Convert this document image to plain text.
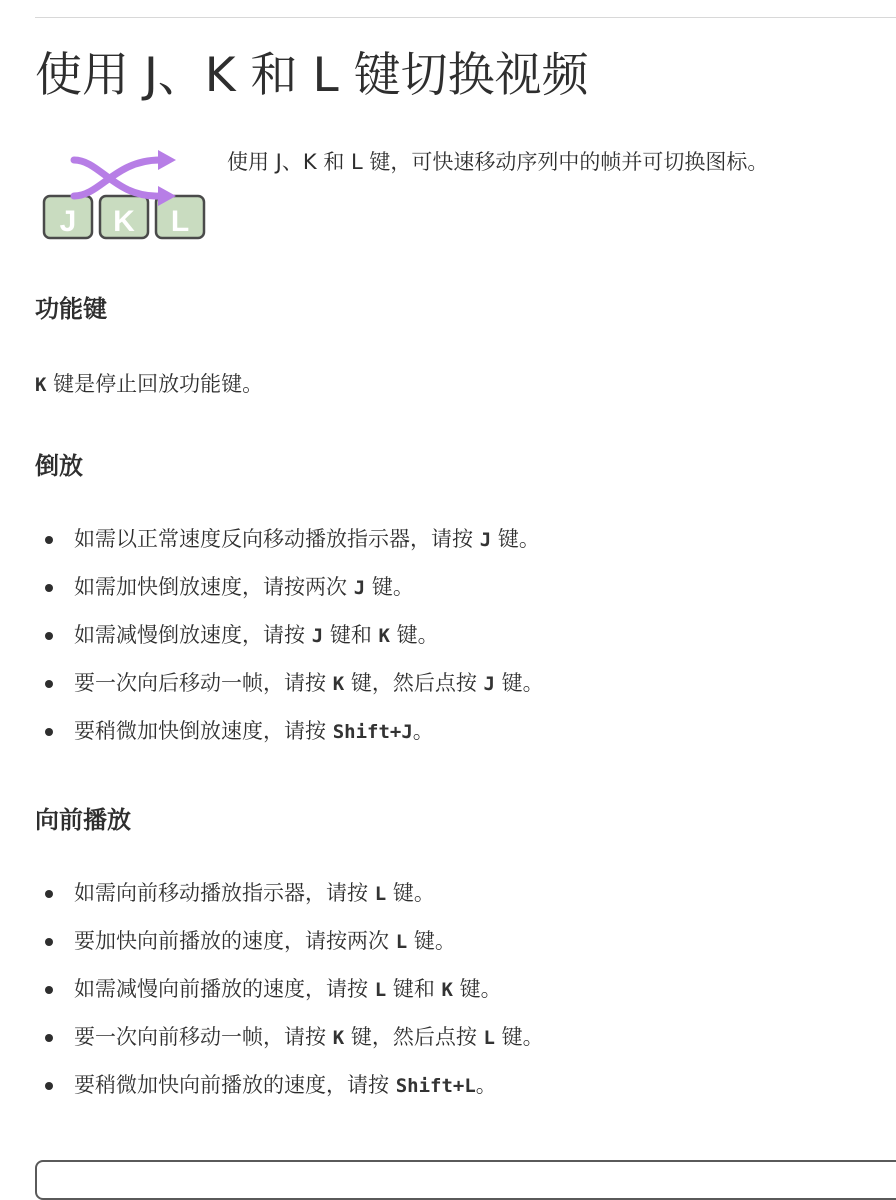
使用 J、K 和 L 键切换视频
J K L
使用 J、K 和 L 键，可快速移动序列中的帧并可切换图标。
功能键
K 键是停止回放功能键。
倒放
如需以正常速度反向移动播放指示器，请按 J 键。
如需加快倒放速度，请按两次 J 键。
如需减慢倒放速度，请按 J 键和 K 键。
要一次向后移动一帧，请按 K 键，然后点按 J 键。
要稍微加快倒放速度，请按 Shift+J。
向前播放
如需向前移动播放指示器，请按 L 键。
要加快向前播放的速度，请按两次 L 键。
如需减慢向前播放的速度，请按 L 键和 K 键。
要一次向前移动一帧，请按 K 键，然后点按 L 键。
要稍微加快向前播放的速度，请按 Shift+L。
